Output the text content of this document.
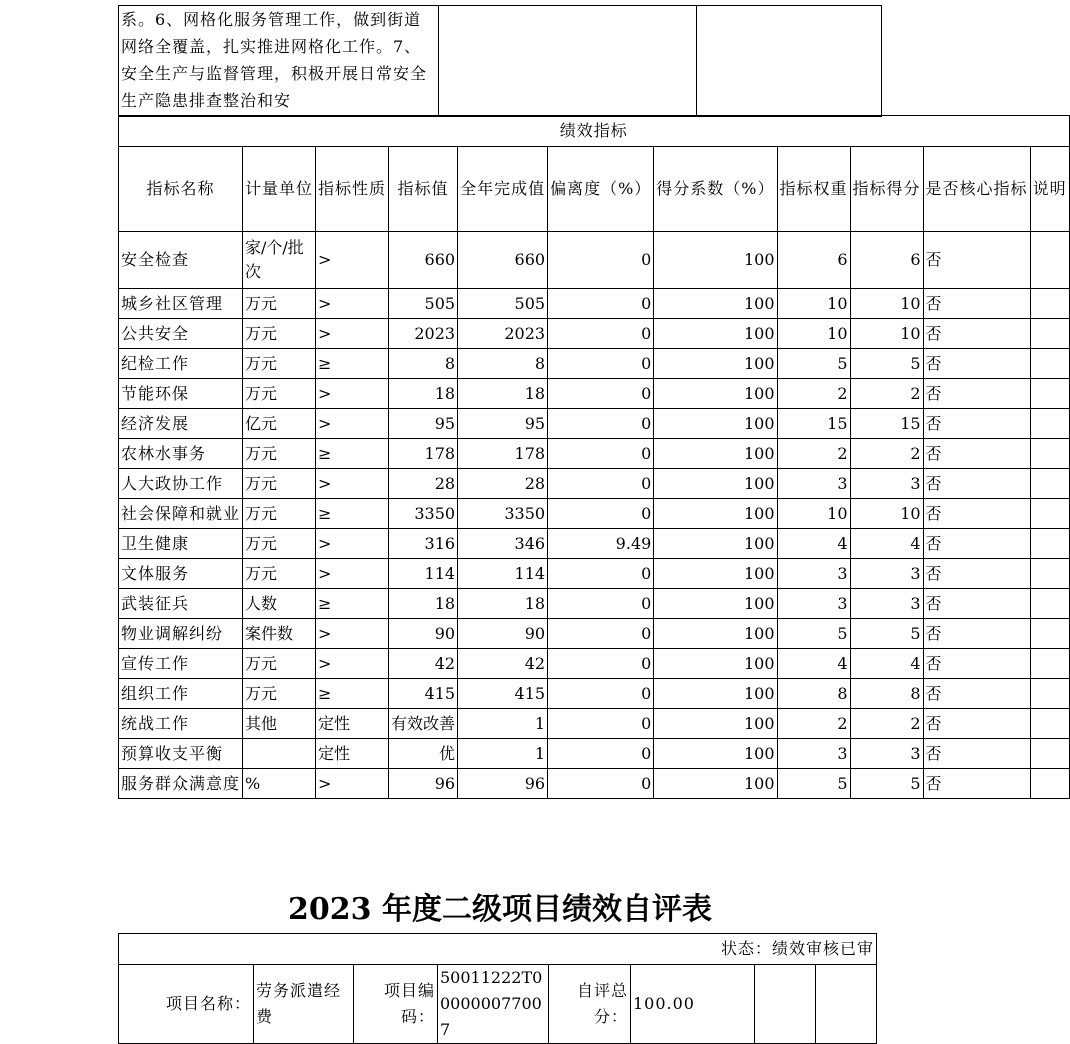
系。6、网格化服务管理工作，做到街道网络全覆盖，扎实推进网格化工作。7、安全生产与监督管理，积极开展日常安全生产隐患排查整治和安		
绩效指标										
指标名称	计量单位	指标性质	指标值	全年完成值	偏离度（%）	得分系数（%）	指标权重	指标得分	是否核心指标	说明
安全检查	家/个/批次	>	660	660	0	100	6	6	否	
城乡社区管理	万元	>	505	505	0	100	10	10	否	
公共安全	万元	>	2023	2023	0	100	10	10	否	
纪检工作	万元	≥	8	8	0	100	5	5	否	
节能环保	万元	>	18	18	0	100	2	2	否	
经济发展	亿元	>	95	95	0	100	15	15	否	
农林水事务	万元	≥	178	178	0	100	2	2	否	
人大政协工作	万元	>	28	28	0	100	3	3	否	
社会保障和就业	万元	≥	3350	3350	0	100	10	10	否	
卫生健康	万元	>	316	346	9.49	100	4	4	否	
文体服务	万元	>	114	114	0	100	3	3	否	
武装征兵	人数	≥	18	18	0	100	3	3	否	
物业调解纠纷	案件数	>	90	90	0	100	5	5	否	
宣传工作	万元	>	42	42	0	100	4	4	否	
组织工作	万元	≥	415	415	0	100	8	8	否	
统战工作	其他	定性	有效改善	1	0	100	2	2	否	
预算收支平衡		定性	优	1	0	100	3	3	否	
服务群众满意度	%	>	96	96	0	100	5	5	否	
2023 年度二级项目绩效自评表
状态：绩效审核已审
项目名称：	劳务派遣经费	项目编码：	50011222T000000077007	自评总分：	100.00		
